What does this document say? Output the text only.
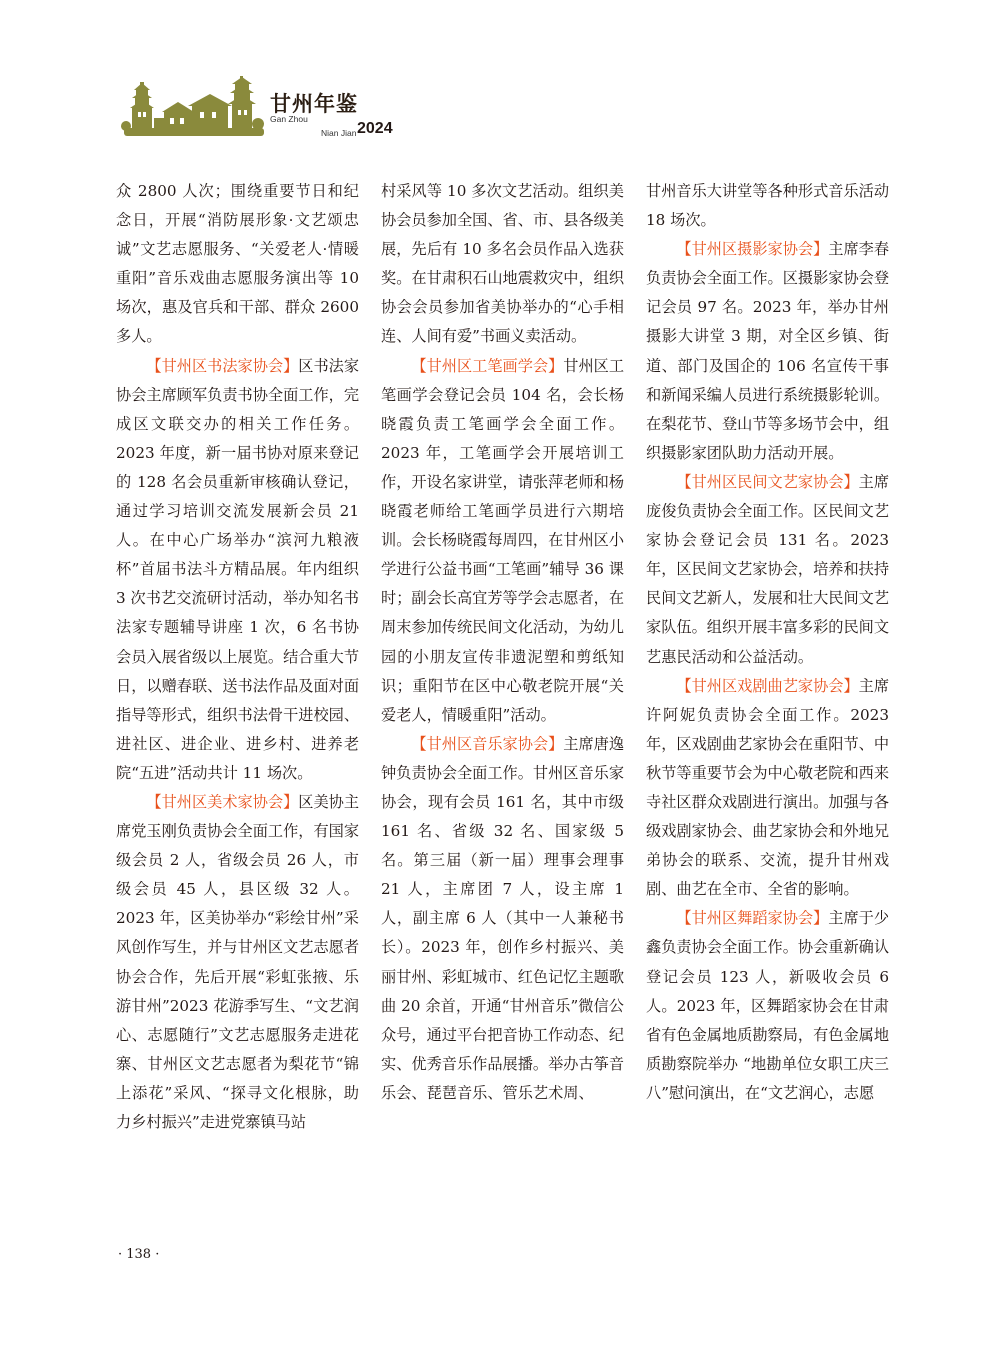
甘州年鉴
Gan Zhou
Nian Jian 2024

众 2800 人次；围绕重要节日和纪念日，开展“消防展形象·文艺颂忠诚”文艺志愿服务、“关爱老人·情暖重阳”音乐戏曲志愿服务演出等 10 场次，惠及官兵和干部、群众 2600 多人。

【甘州区书法家协会】区书法家协会主席顾军负责书协全面工作，完成区文联交办的相关工作任务。2023 年度，新一届书协对原来登记的 128 名会员重新审核确认登记，通过学习培训交流发展新会员 21 人。在中心广场举办“滨河九粮液杯”首届书法斗方精品展。年内组织 3 次书艺交流研讨活动，举办知名书法家专题辅导讲座 1 次，6 名书协会员入展省级以上展览。结合重大节日，以赠春联、送书法作品及面对面指导等形式，组织书法骨干进校园、进社区、进企业、进乡村、进养老院“五进”活动共计 11 场次。

【甘州区美术家协会】区美协主席党玉刚负责协会全面工作，有国家级会员 2 人，省级会员 26 人，市级会员 45 人，县区级 32 人。2023 年，区美协举办“彩绘甘州”采风创作写生，并与甘州区文艺志愿者协会合作，先后开展“彩虹张掖、乐游甘州”2023 花游季写生、“文艺润心、志愿随行”文艺志愿服务走进花寨、甘州区文艺志愿者为梨花节“锦上添花”采风、“探寻文化根脉，助力乡村振兴”走进党寨镇马站

村采风等 10 多次文艺活动。组织美协会员参加全国、省、市、县各级美展，先后有 10 多名会员作品入选获奖。在甘肃积石山地震救灾中，组织协会会员参加省美协举办的“心手相连、人间有爱”书画义卖活动。

【甘州区工笔画学会】甘州区工笔画学会登记会员 104 名，会长杨晓霞负责工笔画学会全面工作。2023 年，工笔画学会开展培训工作，开设名家讲堂，请张萍老师和杨晓霞老师给工笔画学员进行六期培训。会长杨晓霞每周四，在甘州区小学进行公益书画“工笔画”辅导 36 课时；副会长高宜芳等学会志愿者，在周末参加传统民间文化活动，为幼儿园的小朋友宣传非遗泥塑和剪纸知识；重阳节在区中心敬老院开展“关爱老人，情暖重阳”活动。

【甘州区音乐家协会】主席唐逸钟负责协会全面工作。甘州区音乐家协会，现有会员 161 名，其中市级 161 名、省级 32 名、国家级 5 名。第三届（新一届）理事会理事 21 人，主席团 7 人，设主席 1 人，副主席 6 人（其中一人兼秘书长）。2023 年，创作乡村振兴、美丽甘州、彩虹城市、红色记忆主题歌曲 20 余首，开通“甘州音乐”微信公众号，通过平台把音协工作动态、纪实、优秀音乐作品展播。举办古筝音乐会、琵琶音乐、管乐艺术周、

甘州音乐大讲堂等各种形式音乐活动 18 场次。

【甘州区摄影家协会】主席李春负责协会全面工作。区摄影家协会登记会员 97 名。2023 年，举办甘州摄影大讲堂 3 期，对全区乡镇、街道、部门及国企的 106 名宣传干事和新闻采编人员进行系统摄影轮训。在梨花节、登山节等多场节会中，组织摄影家团队助力活动开展。

【甘州区民间文艺家协会】主席庞俊负责协会全面工作。区民间文艺家协会登记会员 131 名。2023 年，区民间文艺家协会，培养和扶持民间文艺新人，发展和壮大民间文艺家队伍。组织开展丰富多彩的民间文艺惠民活动和公益活动。

【甘州区戏剧曲艺家协会】主席许阿妮负责协会全面工作。2023 年，区戏剧曲艺家协会在重阳节、中秋节等重要节会为中心敬老院和西来寺社区群众戏剧进行演出。加强与各级戏剧家协会、曲艺家协会和外地兄弟协会的联系、交流，提升甘州戏剧、曲艺在全市、全省的影响。

【甘州区舞蹈家协会】主席于少鑫负责协会全面工作。协会重新确认登记会员 123 人，新吸收会员 6 人。2023 年，区舞蹈家协会在甘肃省有色金属地质勘察局，有色金属地质勘察院举办 “地勘单位女职工庆三八”慰问演出，在“文艺润心，志愿

· 138 ·
